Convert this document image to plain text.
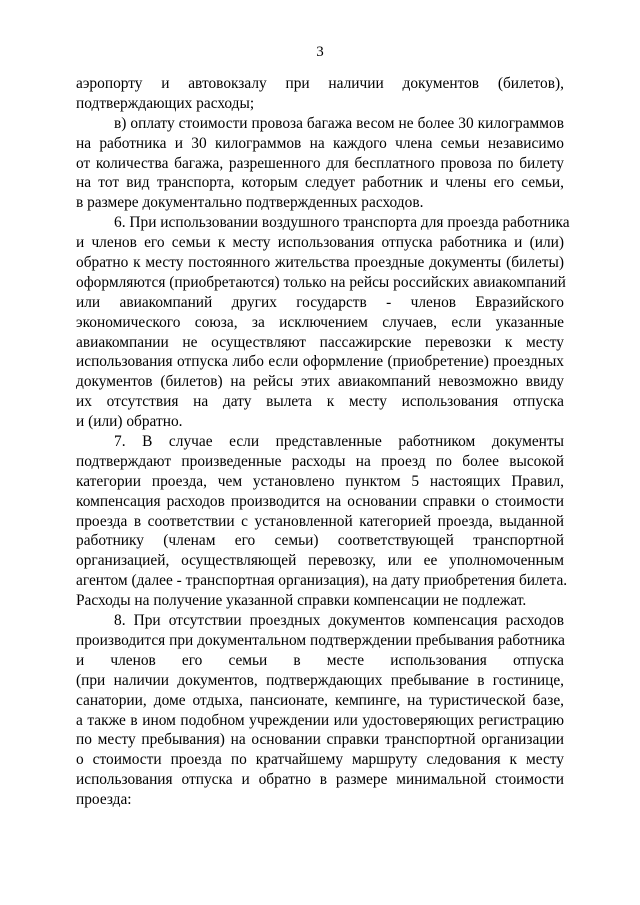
3
аэропорту и автовокзалу при наличии документов (билетов),
подтверждающих расходы;
в) оплату стоимости провоза багажа весом не более 30 килограммов
на работника и 30 килограммов на каждого члена семьи независимо
от количества багажа, разрешенного для бесплатного провоза по билету
на тот вид транспорта, которым следует работник и члены его семьи,
в размере документально подтвержденных расходов.
6. При использовании воздушного транспорта для проезда работника
и членов его семьи к месту использования отпуска работника и (или)
обратно к месту постоянного жительства проездные документы (билеты)
оформляются (приобретаются) только на рейсы российских авиакомпаний
или авиакомпаний других государств - членов Евразийского
экономического союза, за исключением случаев, если указанные
авиакомпании не осуществляют пассажирские перевозки к месту
использования отпуска либо если оформление (приобретение) проездных
документов (билетов) на рейсы этих авиакомпаний невозможно ввиду
их отсутствия на дату вылета к месту использования отпуска
и (или) обратно.
7. В случае если представленные работником документы
подтверждают произведенные расходы на проезд по более высокой
категории проезда, чем установлено пунктом 5 настоящих Правил,
компенсация расходов производится на основании справки о стоимости
проезда в соответствии с установленной категорией проезда, выданной
работнику (членам его семьи) соответствующей транспортной
организацией, осуществляющей перевозку, или ее уполномоченным
агентом (далее - транспортная организация), на дату приобретения билета.
Расходы на получение указанной справки компенсации не подлежат.
8. При отсутствии проездных документов компенсация расходов
производится при документальном подтверждении пребывания работника
и членов его семьи в месте использования отпуска
(при наличии документов, подтверждающих пребывание в гостинице,
санатории, доме отдыха, пансионате, кемпинге, на туристической базе,
а также в ином подобном учреждении или удостоверяющих регистрацию
по месту пребывания) на основании справки транспортной организации
о стоимости проезда по кратчайшему маршруту следования к месту
использования отпуска и обратно в размере минимальной стоимости
проезда:
